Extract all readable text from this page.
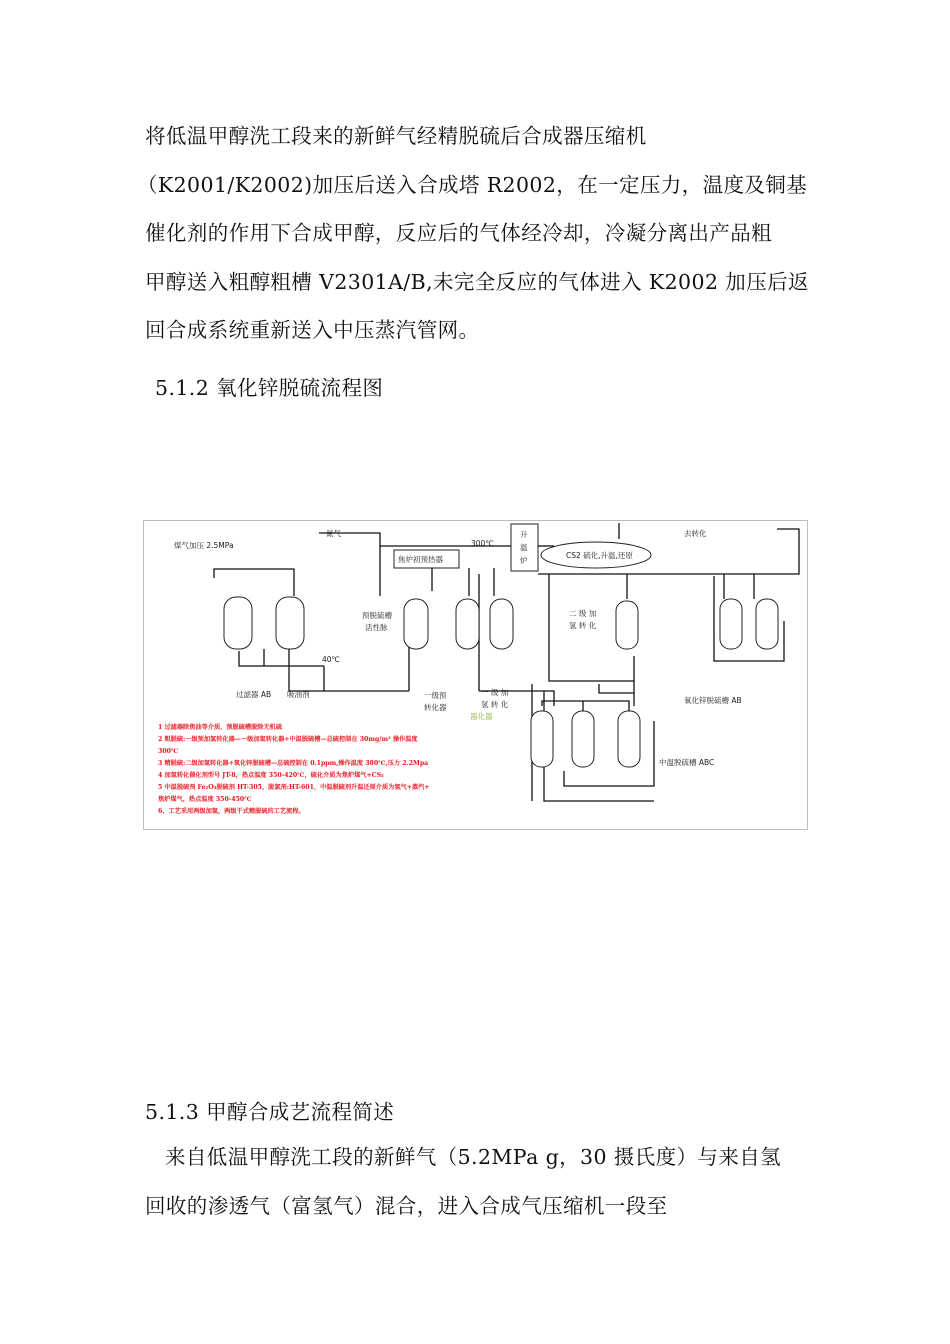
将低温甲醇洗工段来的新鲜气经精脱硫后合成器压缩机
（K2001/K2002)加压后送入合成塔 R2002，在一定压力，温度及铜基
催化剂的作用下合成甲醇，反应后的气体经冷却，冷凝分离出产品粗
甲醇送入粗醇粗槽 V2301A/B,未完全反应的气体进入 K2002 加压后返
回合成系统重新送入中压蒸汽管网。

5.1.2 氧化锌脱硫流程图
煤气加压 2.5MPa
氮气
300℃
去转化
升
温
炉
焦炉初预热器	CS2 硫化,升温,还原
预脱硫槽
活性脉
40℃
过滤器 AB 吸油剂	一级预
转化器
一 级 加
氢 转 化
器化器
二 级 加
氢 转 化
氧化锌脱硫槽 AB
中温脱硫槽 ABC
1 过滤器除焦油等介质，预脱硫槽脱除无机硫
2 粗脱硫:一级预加氢转化器—一级加氢转化器+中温脱硫槽—总硫控制在 30mg/m³ 操作温度
300℃
3 精脱硫:二级加氢转化器+氧化锌脱硫槽—总硫控制在 0.1ppm,操作温度 380℃,压力 2.2Mpa
4 加氢转化催化剂型号 JT-8，热点温度 350-420℃，硫化介质为焦炉煤气+CS₂
5 中温脱硫剂 Fe₂O₃脱硫剂 HT-305，脱氯剂:HT-601，中温脱硫剂升温还原介质为氢气+蒸汽+
焦炉煤气，热点温度 350-450℃
6、工艺采用两级加氢，两级干式精脱硫的工艺流程。
5.1.3 甲醇合成艺流程简述

来自低温甲醇洗工段的新鲜气（5.2MPa g，30 摄氏度）与来自氢
回收的渗透气（富氢气）混合，进入合成气压缩机一段至
